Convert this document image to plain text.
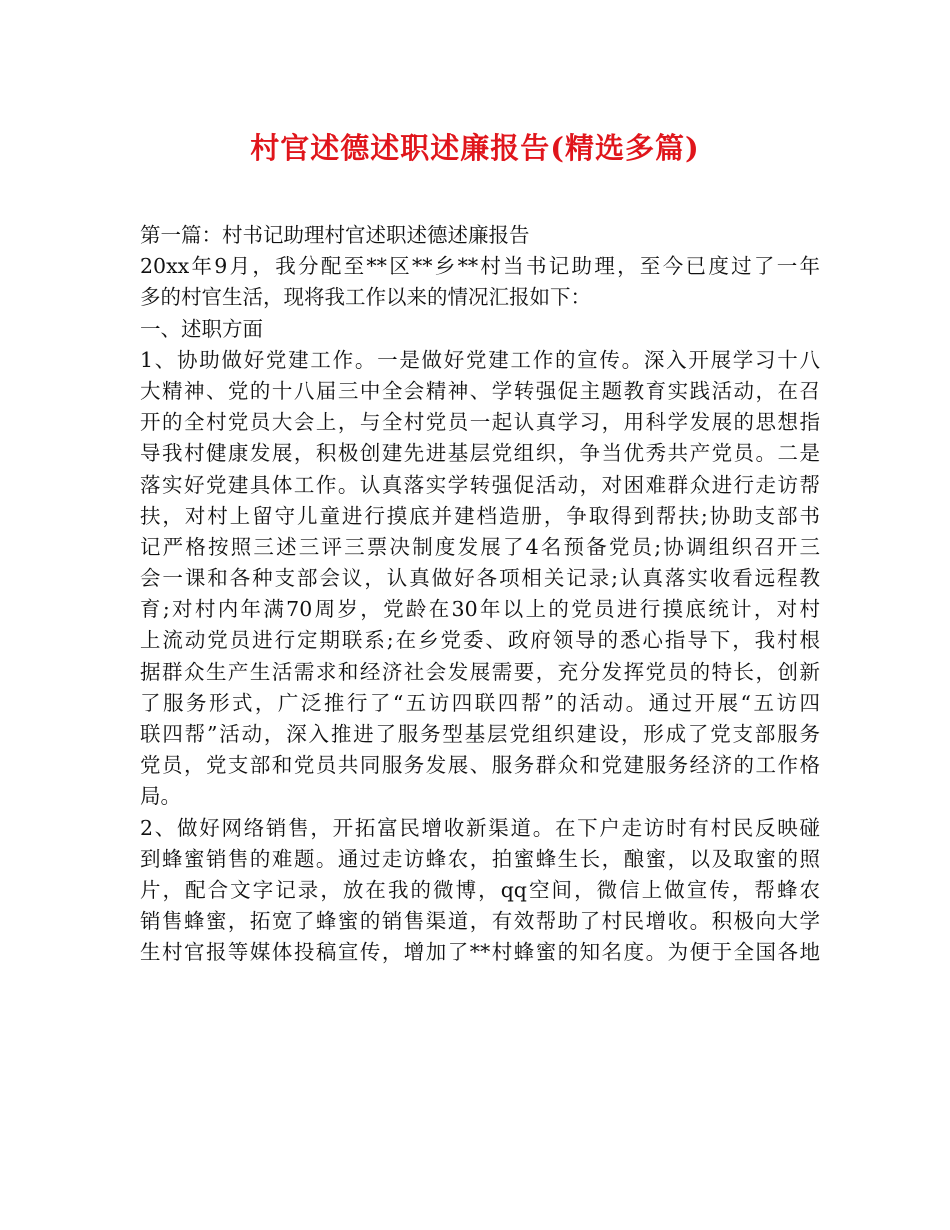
村官述德述职述廉报告(精选多篇)
第一篇：村书记助理村官述职述德述廉报告
20xx年9月，我分配至**区**乡**村当书记助理，至今已度过了一年
多的村官生活，现将我工作以来的情况汇报如下：
一、述职方面
1、协助做好党建工作。一是做好党建工作的宣传。深入开展学习十八
大精神、党的十八届三中全会精神、学转强促主题教育实践活动，在召
开的全村党员大会上，与全村党员一起认真学习，用科学发展的思想指
导我村健康发展，积极创建先进基层党组织，争当优秀共产党员。二是
落实好党建具体工作。认真落实学转强促活动，对困难群众进行走访帮
扶，对村上留守儿童进行摸底并建档造册，争取得到帮扶;协助支部书
记严格按照三述三评三票决制度发展了4名预备党员;协调组织召开三
会一课和各种支部会议，认真做好各项相关记录;认真落实收看远程教
育;对村内年满70周岁，党龄在30年以上的党员进行摸底统计，对村
上流动党员进行定期联系;在乡党委、政府领导的悉心指导下，我村根
据群众生产生活需求和经济社会发展需要，充分发挥党员的特长，创新
了服务形式，广泛推行了“五访四联四帮”的活动。通过开展“五访四
联四帮”活动，深入推进了服务型基层党组织建设，形成了党支部服务
党员，党支部和党员共同服务发展、服务群众和党建服务经济的工作格
局。
2、做好网络销售，开拓富民增收新渠道。在下户走访时有村民反映碰
到蜂蜜销售的难题。通过走访蜂农，拍蜜蜂生长，酿蜜，以及取蜜的照
片，配合文字记录，放在我的微博，qq空间，微信上做宣传，帮蜂农
销售蜂蜜，拓宽了蜂蜜的销售渠道，有效帮助了村民增收。积极向大学
生村官报等媒体投稿宣传，增加了**村蜂蜜的知名度。为便于全国各地
